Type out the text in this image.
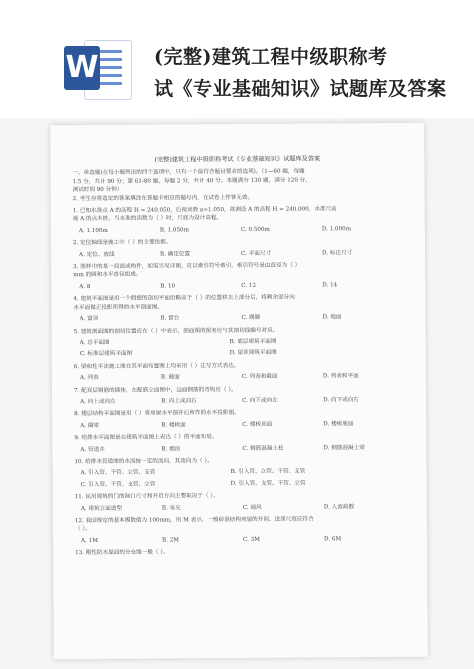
W	(完整)建筑工程中级职称考
试《专业基础知识》试题库及答案
(完整)建筑工程中级职称考试《专业基础知识》试题库及答案
一、单选题(在每小题列出的四个选项中，只有一个最符合题目要求的选项)。（1—60 题，每题
1.5 分，共计 90 分；第 61-80 题，每题 2 分，共计 40 分。本题满分 130 题，满分 120 分，
测试时间 90 分钟）
2. 考生应将选定的答案填涂在答题卡相应的题号内，在试卷上作答无效。
1. 已知水准点 A 的高程 H = 240.050，后视读数 a=1.050，欲测设 A 的高程 H = 240.000，水准尺前
视 A 的点木桩，当水准的读数为（ ）时，尺底为设计高程。
A. 1.100m	B. 1.050m	C. 0.500m	D. 1.000m
2. 定位轴线是施工中（ ）的主要依据。
A. 定位、放线	B. 确定位置	C. 平面尺寸	D. 标注尺寸
3. 图样中的某一局部或构件，如需另见详图，应以索引符号索引，索引符号是由直径为（ ）
mm 的圆和水平直径组成。
A. 8	B. 10	C. 12	D. 14
4. 建筑平面图是用一个假想的剖切平面沿略高于（ ）的位置移去上部分后，将剩余部分向
水平面做正投影所得的水平剖面图。
A. 窗顶	B. 窗台	C. 踢脚	D. 地面
5. 建筑剖面图的剖切位置应在（ ）中表示，剖面图的图名应与其剖切线编号对应。
A. 总平面图	B. 底层建筑平面图
C. 标准层建筑平面图	D. 屋顶建筑平面图
6. 梁和柱平法施工图在其平面布置图上均采用（ ）注写方式表达。
A. 列表	B. 截面	C. 列表和截面	D. 列表和平面
7. 配双层钢筋的墙体，在配筋立面图中，远面钢筋的弯钩应（ ）。
A. 向上或向左	B. 向上或向右	C. 向下或向左	D. 向下或向右
8. 楼层结构平面图是用（ ）将房屋水平剖开后所作的水平投影图。
A. 圈梁	B. 楼板面	C. 楼板顶面	D. 楼板底面
9. 给排水平面图是在建筑平面图上表达（ ）的平面布局。
A. 管道井	B. 烟囱	C. 钢筋混凝土柱	D. 钢筋混凝土梁
10. 给排水管道图的水流按一定的流向，其流向为（ ）。
A. 引入管、干管、立管、支管	B. 引入管、立管、干管、支管
C. 引入管、干管、支管、立管	D. 引入管、支管、干管、立管
11. 民用建筑的门的洞口尺寸和开启方向主要取决于（ ）。
A. 建筑立面造型	B. 采光	C. 通风	D. 人流疏散
12. 我国规定的基本模数值为 100mm，用 M 表示，一般砖混结构房屋的开间、进深尺度应符合
（ ）。
A. 1M	B. 2M	C. 3M	D. 6M
13. 刚性防水屋面的分仓缝一般（ ）。
